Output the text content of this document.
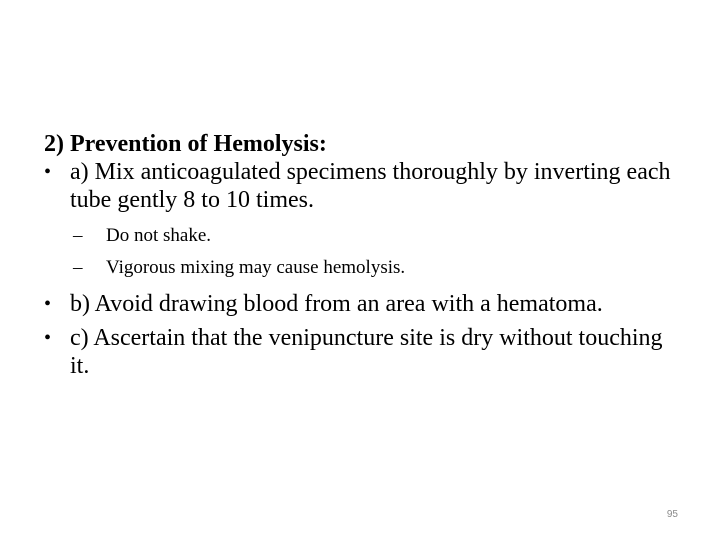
2) Prevention of Hemolysis:

• a) Mix anticoagulated specimens thoroughly by inverting each tube gently 8 to 10 times.
– Do not shake.
– Vigorous mixing may cause hemolysis.
• b) Avoid drawing blood from an area with a hematoma.
• c) Ascertain that the venipuncture site is dry without touching it.
95
